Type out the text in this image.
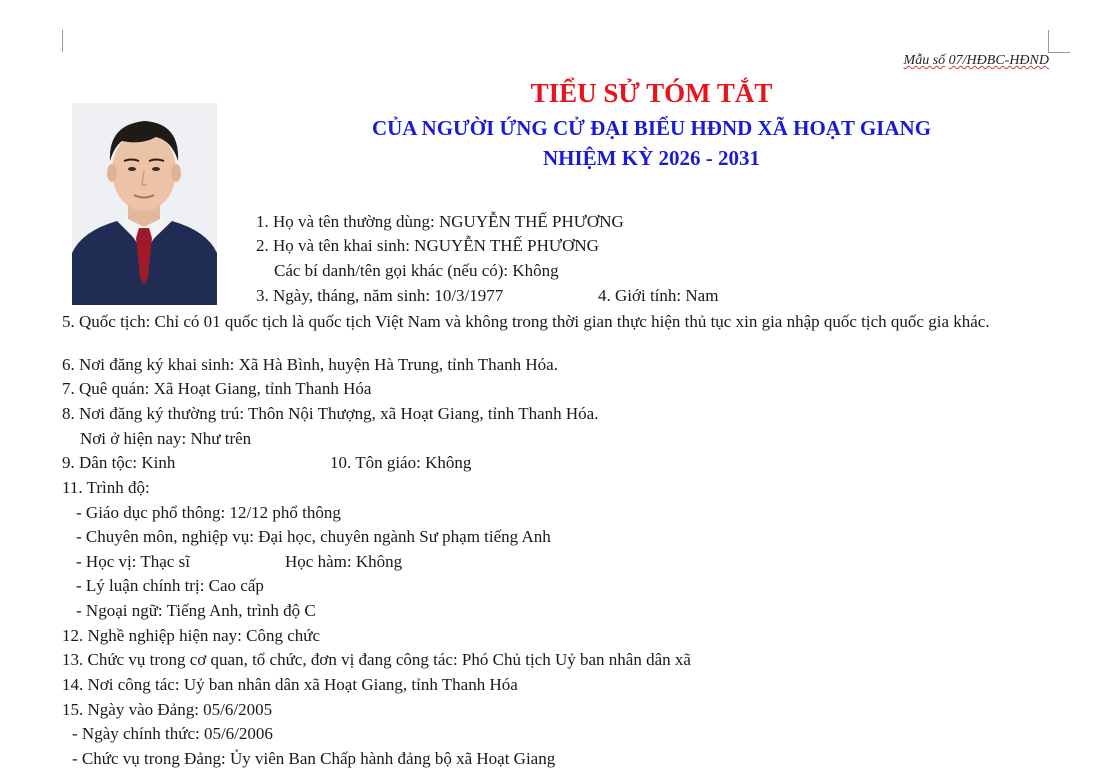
Mẫu số 07/HĐBC-HĐND
TIỂU SỬ TÓM TẮT
CỦA NGƯỜI ỨNG CỬ ĐẠI BIỂU HĐND XÃ HOẠT GIANG
NHIỆM KỲ 2026 - 2031
1. Họ và tên thường dùng: NGUYỄN THẾ PHƯƠNG
2. Họ và tên khai sinh: NGUYỄN THẾ PHƯƠNG
Các bí danh/tên gọi khác (nếu có): Không
3. Ngày, tháng, năm sinh: 10/3/1977	4. Giới tính: Nam
5. Quốc tịch: Chỉ có 01 quốc tịch là quốc tịch Việt Nam và không trong thời gian thực hiện thủ tục xin gia nhập quốc tịch quốc gia khác.
6. Nơi đăng ký khai sinh: Xã Hà Bình, huyện Hà Trung, tỉnh Thanh Hóa.
7. Quê quán: Xã Hoạt Giang, tỉnh Thanh Hóa
8. Nơi đăng ký thường trú: Thôn Nội Thượng, xã Hoạt Giang, tỉnh Thanh Hóa.
Nơi ở hiện nay: Như trên
9. Dân tộc: Kinh	10. Tôn giáo: Không
11. Trình độ:
- Giáo dục phổ thông: 12/12 phổ thông
- Chuyên môn, nghiệp vụ: Đại học, chuyên ngành Sư phạm tiếng Anh
- Học vị: Thạc sĩ	Học hàm: Không
- Lý luận chính trị: Cao cấp
- Ngoại ngữ: Tiếng Anh, trình độ C
12. Nghề nghiệp hiện nay: Công chức
13. Chức vụ trong cơ quan, tổ chức, đơn vị đang công tác: Phó Chủ tịch Uỷ ban nhân dân xã
14. Nơi công tác: Uỷ ban nhân dân xã Hoạt Giang, tỉnh Thanh Hóa
15. Ngày vào Đảng: 05/6/2005
- Ngày chính thức: 05/6/2006
- Chức vụ trong Đảng: Ủy viên Ban Chấp hành đảng bộ xã Hoạt Giang
